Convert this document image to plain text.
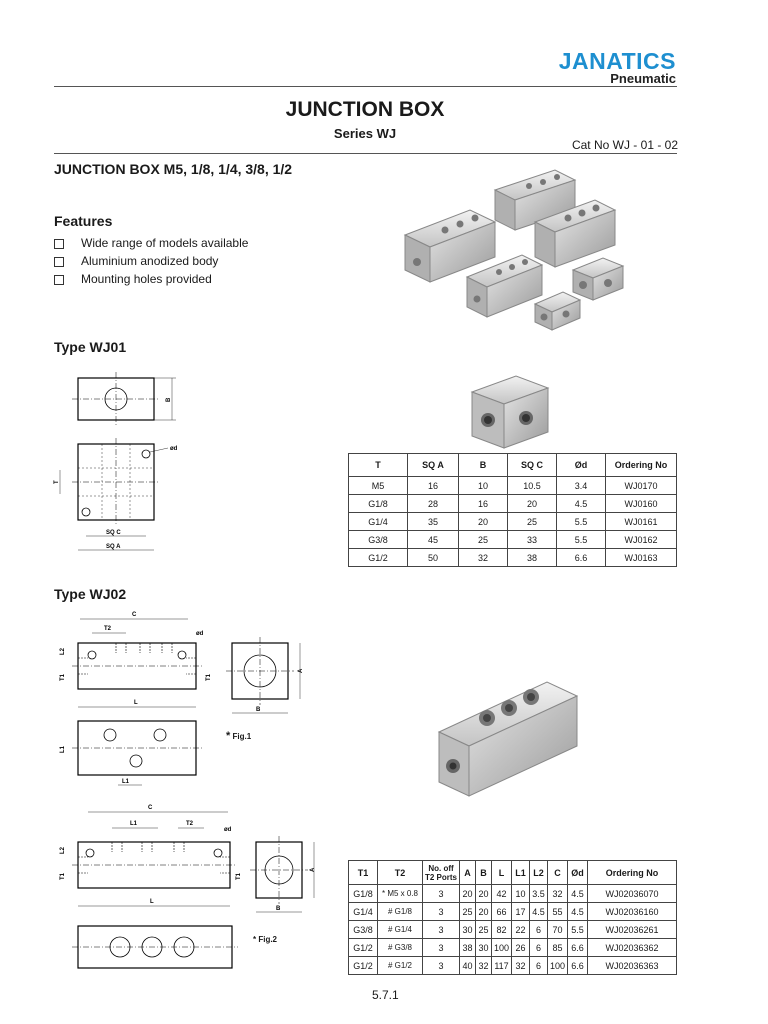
JANATICS
Pneumatic
JUNCTION BOX
Series WJ
Cat No WJ - 01 - 02
JUNCTION BOX M5, 1/8, 1/4, 3/8, 1/2
Features
Wide range of models available
Aluminium anodized body
Mounting holes provided
Type WJ01
B
ød
T
SQ C
SQ A
T	SQ A	B	SQ C	Ød	Ordering No
M5	16	10	10.5	3.4	WJ0170
G1/8	28	16	20	4.5	WJ0160
G1/4	35	20	25	5.5	WJ0161
G3/8	45	25	33	5.5	WJ0162
G1/2	50	32	38	6.6	WJ0163
Type WJ02
C
T2
ød
L2
T1	T1
L
A
B
L1
L1
* Fig.1
C
L1	T2
ød
L2
T1	T1
L
A
B
* Fig.2
T1	T2	No. off T2 Ports	A	B	L	L1	L2	C	Ød	Ordering No
G1/8	* M5 x 0.8	3	20	20	42	10	3.5	32	4.5	WJ02036070
G1/4	# G1/8	3	25	20	66	17	4.5	55	4.5	WJ02036160
G3/8	# G1/4	3	30	25	82	22	6	70	5.5	WJ02036261
G1/2	# G3/8	3	38	30	100	26	6	85	6.6	WJ02036362
G1/2	# G1/2	3	40	32	117	32	6	100	6.6	WJ02036363
5.7.1
